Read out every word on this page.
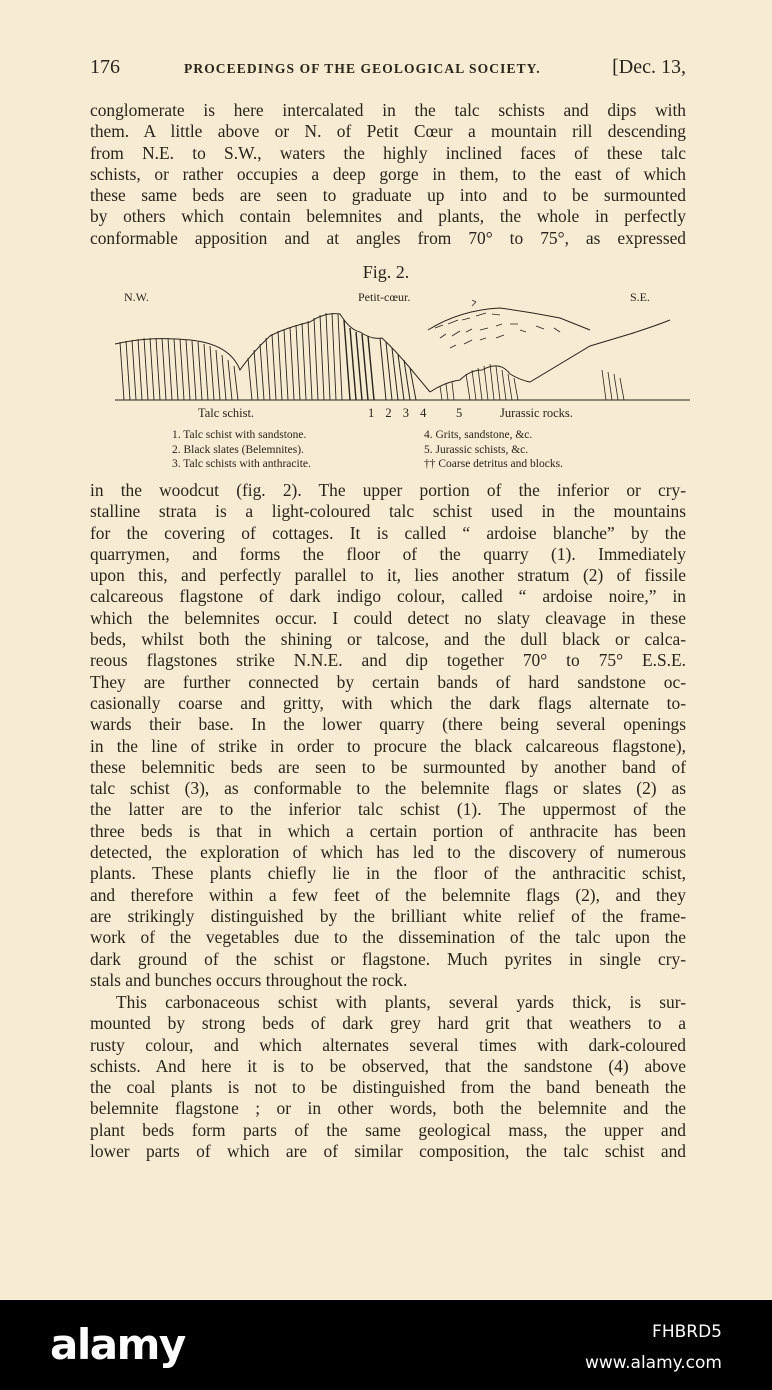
176	PROCEEDINGS OF THE GEOLOGICAL SOCIETY.	[Dec. 13,
conglomerate is here intercalated in the talc schists and dips with
them. A little above or N. of Petit Cœur a mountain rill descending
from N.E. to S.W., waters the highly inclined faces of these talc
schists, or rather occupies a deep gorge in them, to the east of which
these same beds are seen to graduate up into and to be surmounted
by others which contain belemnites and plants, the whole in perfectly
conformable apposition and at angles from 70° to 75°, as expressed
Fig. 2.
N.W.	Petit-cœur.	S.E.
Talc schist.	1 2 3 4 5	Jurassic rocks.
1. Talc schist with sandstone.
2. Black slates (Belemnites).
3. Talc schists with anthracite.
4. Grits, sandstone, &c.
5. Jurassic schists, &c.
†† Coarse detritus and blocks.
in the woodcut (fig. 2). The upper portion of the inferior or cry-
stalline strata is a light-coloured talc schist used in the mountains
for the covering of cottages. It is called “ ardoise blanche” by the
quarrymen, and forms the floor of the quarry (1). Immediately
upon this, and perfectly parallel to it, lies another stratum (2) of fissile
calcareous flagstone of dark indigo colour, called “ ardoise noire,” in
which the belemnites occur. I could detect no slaty cleavage in these
beds, whilst both the shining or talcose, and the dull black or calca-
reous flagstones strike N.N.E. and dip together 70° to 75° E.S.E.
They are further connected by certain bands of hard sandstone oc-
casionally coarse and gritty, with which the dark flags alternate to-
wards their base. In the lower quarry (there being several openings
in the line of strike in order to procure the black calcareous flagstone),
these belemnitic beds are seen to be surmounted by another band of
talc schist (3), as conformable to the belemnite flags or slates (2) as
the latter are to the inferior talc schist (1). The uppermost of the
three beds is that in which a certain portion of anthracite has been
detected, the exploration of which has led to the discovery of numerous
plants. These plants chiefly lie in the floor of the anthracitic schist,
and therefore within a few feet of the belemnite flags (2), and they
are strikingly distinguished by the brilliant white relief of the frame-
work of the vegetables due to the dissemination of the talc upon the
dark ground of the schist or flagstone. Much pyrites in single cry-
stals and bunches occurs throughout the rock.
This carbonaceous schist with plants, several yards thick, is sur-
mounted by strong beds of dark grey hard grit that weathers to a
rusty colour, and which alternates several times with dark-coloured
schists. And here it is to be observed, that the sandstone (4) above
the coal plants is not to be distinguished from the band beneath the
belemnite flagstone ; or in other words, both the belemnite and the
plant beds form parts of the same geological mass, the upper and
lower parts of which are of similar composition, the talc schist and
alamy	FHBRD5
www.alamy.com
